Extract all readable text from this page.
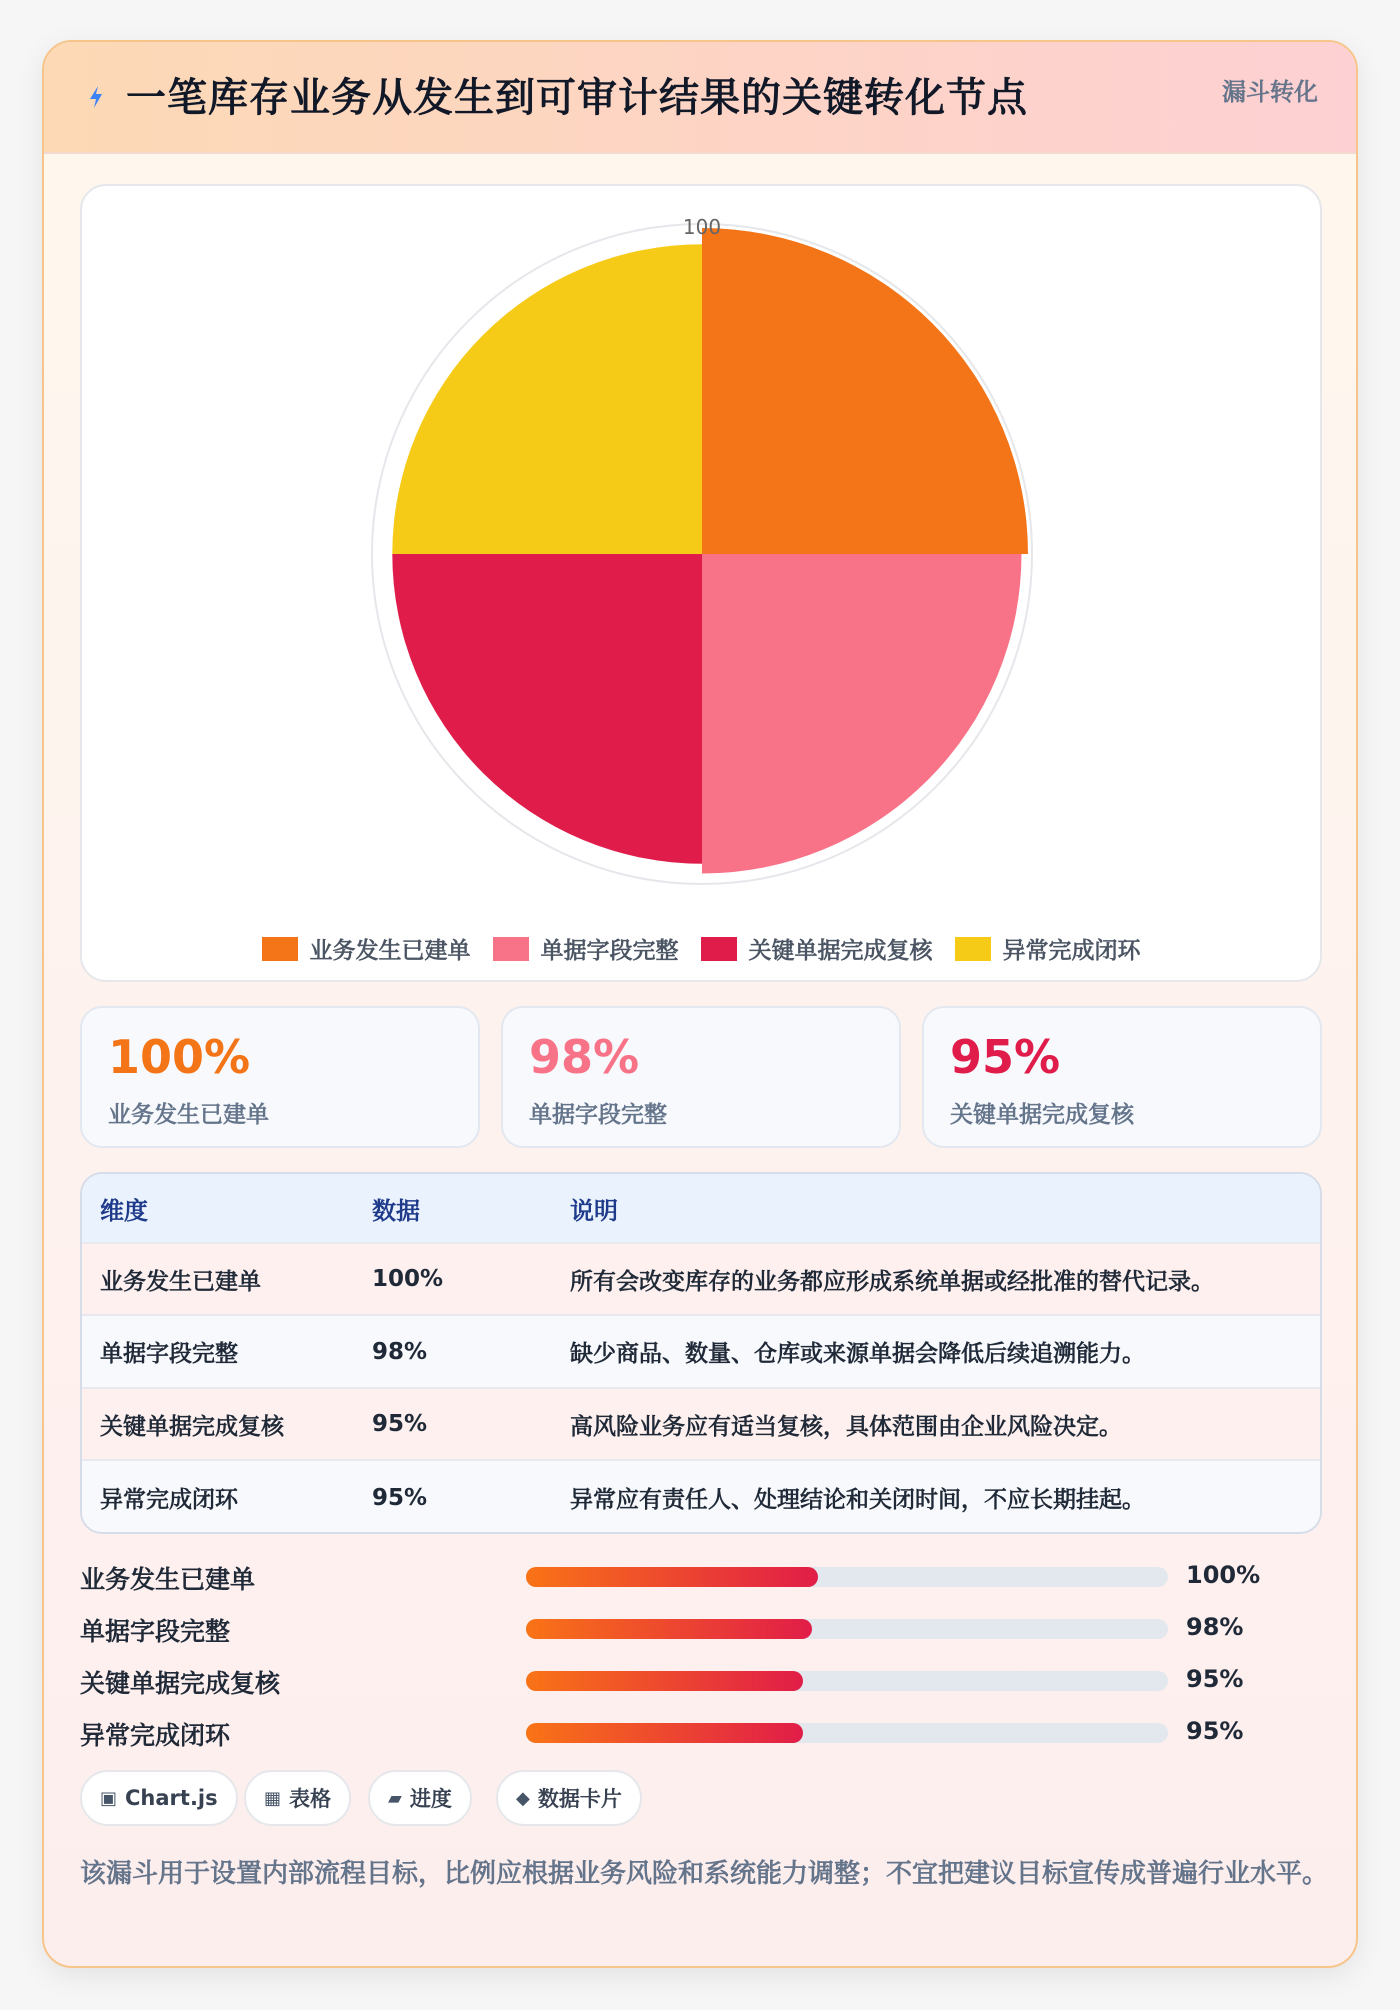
一笔库存业务从发生到可审计结果的关键转化节点	漏斗转化
100
业务发生已建单	单据字段完整	关键单据完成复核	异常完成闭环
100%
业务发生已建单
98%
单据字段完整
95%
关键单据完成复核
维度	数据	说明
业务发生已建单	100%	所有会改变库存的业务都应形成系统单据或经批准的替代记录。
单据字段完整	98%	缺少商品、数量、仓库或来源单据会降低后续追溯能力。
关键单据完成复核	95%	高风险业务应有适当复核，具体范围由企业风险决定。
异常完成闭环	95%	异常应有责任人、处理结论和关闭时间，不应长期挂起。
业务发生已建单	100%
单据字段完整	98%
关键单据完成复核	95%
异常完成闭环	95%
▣ Chart.js	▦ 表格	▰ 进度	◆ 数据卡片
该漏斗用于设置内部流程目标，比例应根据业务风险和系统能力调整；不宜把建议目标宣传成普遍行业水平。
